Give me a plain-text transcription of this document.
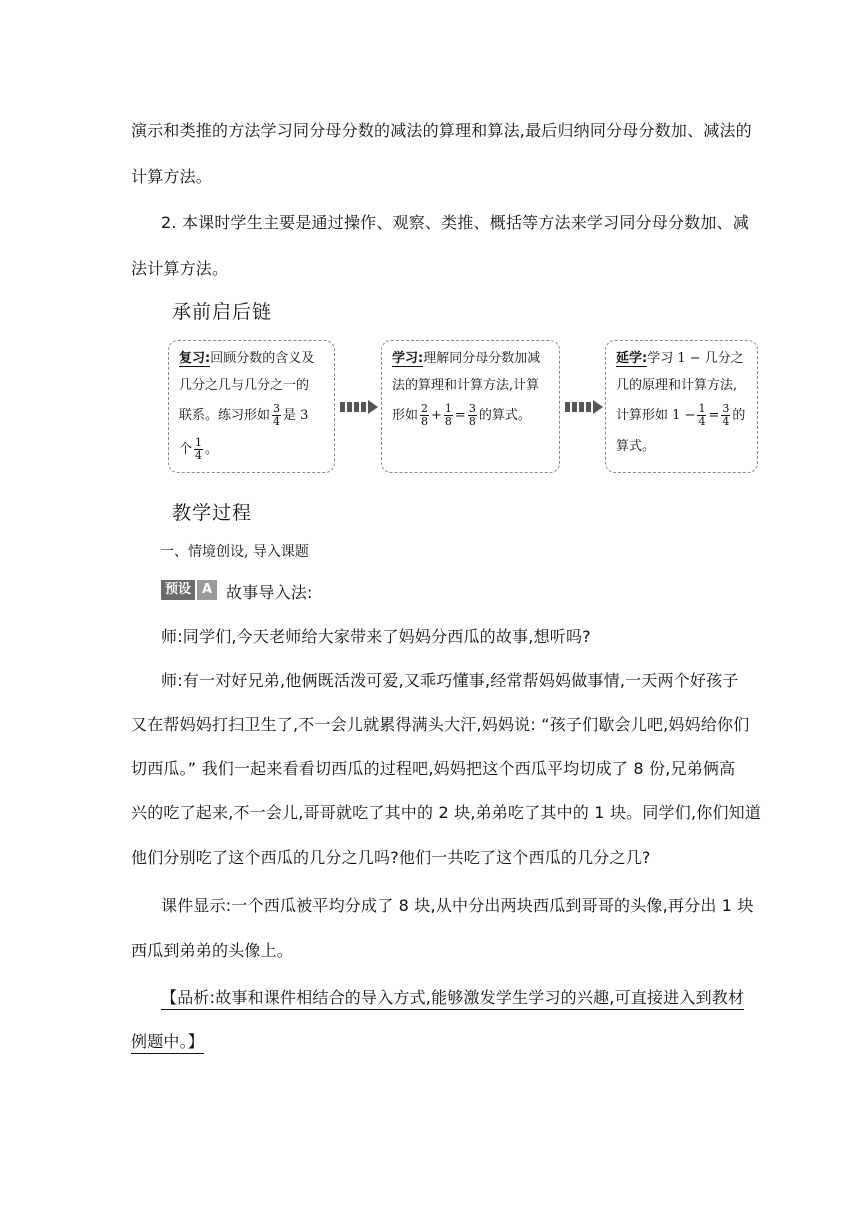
演示和类推的方法学习同分母分数的减法的算理和算法,最后归纳同分母分数加、减法的
计算方法。
2. 本课时学生主要是通过操作、观察、类推、概括等方法来学习同分母分数加、减
法计算方法。
承前启后链
复习:回顾分数的含义及
几分之几与几分之一的
联系。练习形如 $\frac{3}{4}$ 是 3
个 $\frac{1}{4}$ 。
学习:理解同分母分数加减
法的算理和计算方法,计算
形如 $\frac{2}{8} + \frac{1}{8} = \frac{3}{8}$ 的算式。
延学:学习 1 − 几分之
几的原理和计算方法,
计算形如 $1 - \frac{1}{4} = \frac{3}{4}$ 的
算式。
教学过程
一、情境创设, 导入课题
预设 A 故事导入法:
师:同学们,今天老师给大家带来了妈妈分西瓜的故事,想听吗?
师:有一对好兄弟,他俩既活泼可爱,又乖巧懂事,经常帮妈妈做事情,一天两个好孩子
又在帮妈妈打扫卫生了,不一会儿就累得满头大汗,妈妈说: “孩子们歇会儿吧,妈妈给你们
切西瓜。” 我们一起来看看切西瓜的过程吧,妈妈把这个西瓜平均切成了 8 份,兄弟俩高
兴的吃了起来,不一会儿,哥哥就吃了其中的 2 块,弟弟吃了其中的 1 块。同学们,你们知道
他们分别吃了这个西瓜的几分之几吗?他们一共吃了这个西瓜的几分之几?
课件显示:一个西瓜被平均分成了 8 块,从中分出两块西瓜到哥哥的头像,再分出 1 块
西瓜到弟弟的头像上。
【品析:故事和课件相结合的导入方式,能够激发学生学习的兴趣,可直接进入到教材
例题中。】
